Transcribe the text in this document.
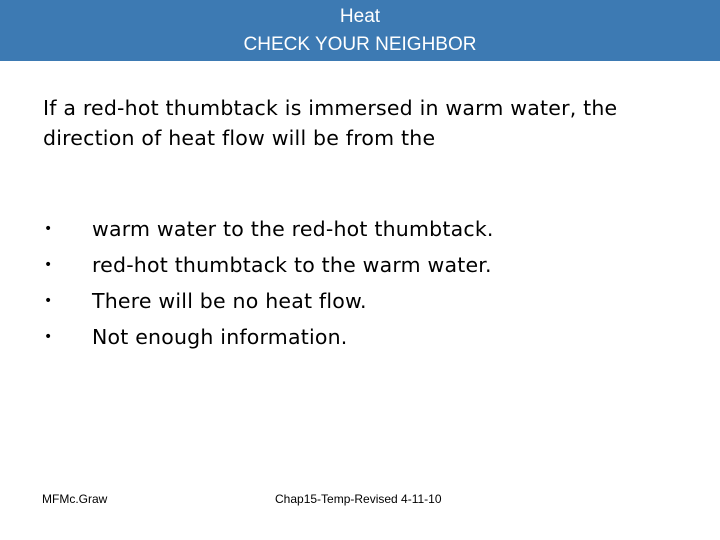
Heat
CHECK YOUR NEIGHBOR
If a red-hot thumbtack is immersed in warm water, the direction of heat flow will be from the
• warm water to the red-hot thumbtack.
• red-hot thumbtack to the warm water.
• There will be no heat flow.
• Not enough information.
MFMc.Graw	Chap15-Temp-Revised 4-11-10
